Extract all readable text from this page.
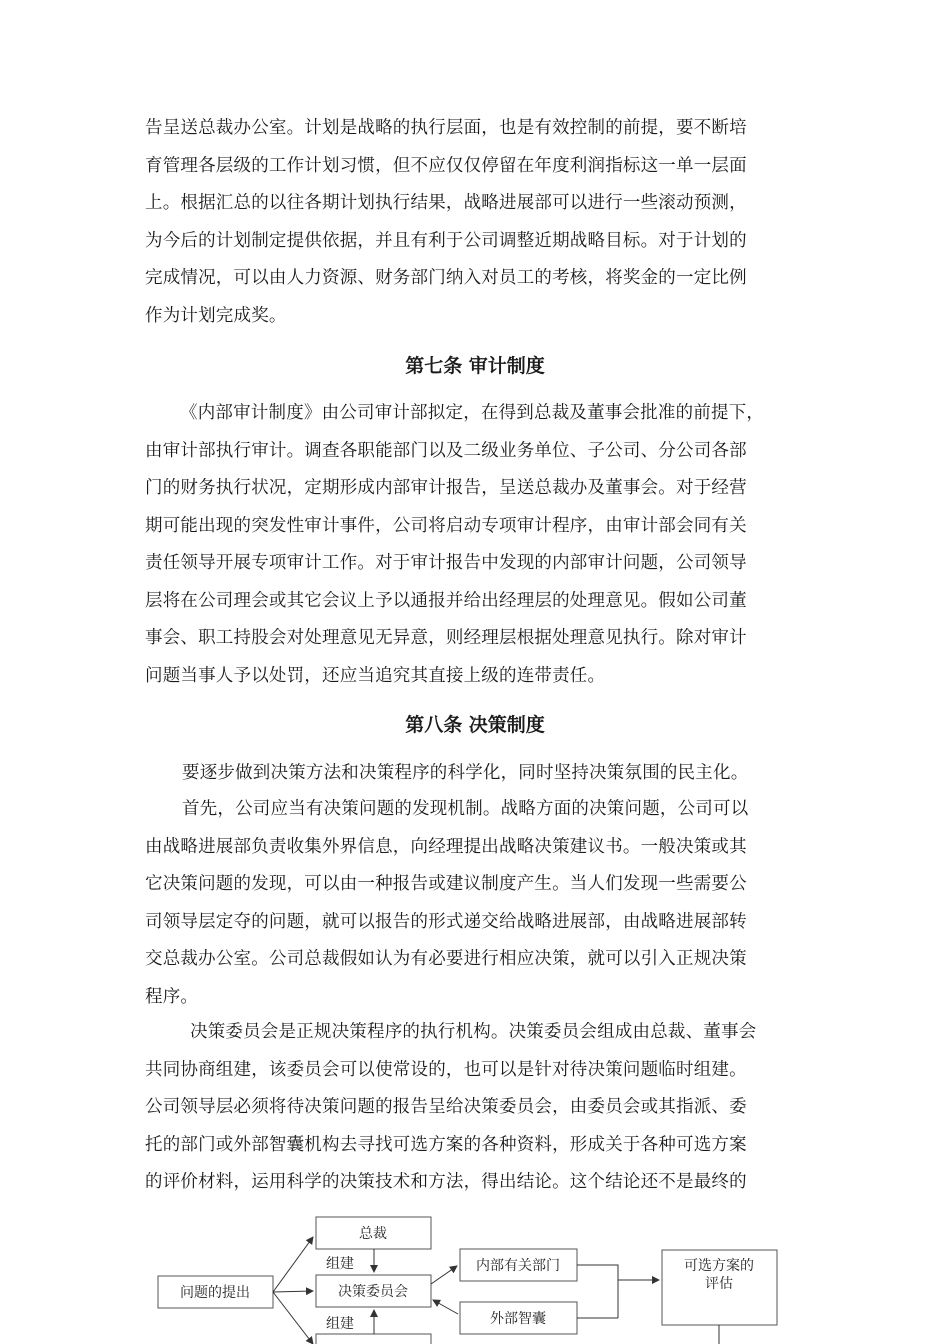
告呈送总裁办公室。计划是战略的执行层面，也是有效控制的前提，要不断培
育管理各层级的工作计划习惯，但不应仅仅停留在年度利润指标这一单一层面
上。根据汇总的以往各期计划执行结果，战略进展部可以进行一些滚动预测，
为今后的计划制定提供依据，并且有利于公司调整近期战略目标。对于计划的
完成情况，可以由人力资源、财务部门纳入对员工的考核，将奖金的一定比例
作为计划完成奖。
第七条 审计制度
《内部审计制度》由公司审计部拟定，在得到总裁及董事会批准的前提下，
由审计部执行审计。调查各职能部门以及二级业务单位、子公司、分公司各部
门的财务执行状况，定期形成内部审计报告，呈送总裁办及董事会。对于经营
期可能出现的突发性审计事件，公司将启动专项审计程序，由审计部会同有关
责任领导开展专项审计工作。对于审计报告中发现的内部审计问题，公司领导
层将在公司理会或其它会议上予以通报并给出经理层的处理意见。假如公司董
事会、职工持股会对处理意见无异意，则经理层根据处理意见执行。除对审计
问题当事人予以处罚，还应当追究其直接上级的连带责任。
第八条 决策制度
要逐步做到决策方法和决策程序的科学化，同时坚持决策氛围的民主化。
首先，公司应当有决策问题的发现机制。战略方面的决策问题，公司可以
由战略进展部负责收集外界信息，向经理提出战略决策建议书。一般决策或其
它决策问题的发现，可以由一种报告或建议制度产生。当人们发现一些需要公
司领导层定夺的问题，就可以报告的形式递交给战略进展部，由战略进展部转
交总裁办公室。公司总裁假如认为有必要进行相应决策，就可以引入正规决策
程序。
决策委员会是正规决策程序的执行机构。决策委员会组成由总裁、董事会
共同协商组建，该委员会可以使常设的，也可以是针对待决策问题临时组建。
公司领导层必须将待决策问题的报告呈给决策委员会，由委员会或其指派、委
托的部门或外部智囊机构去寻找可选方案的各种资料，形成关于各种可选方案
的评价材料，运用科学的决策技术和方法，得出结论。这个结论还不是最终的
问题的提出
总裁
决策委员会
组建
组建
内部有关部门
外部智囊
可选方案的
评估
